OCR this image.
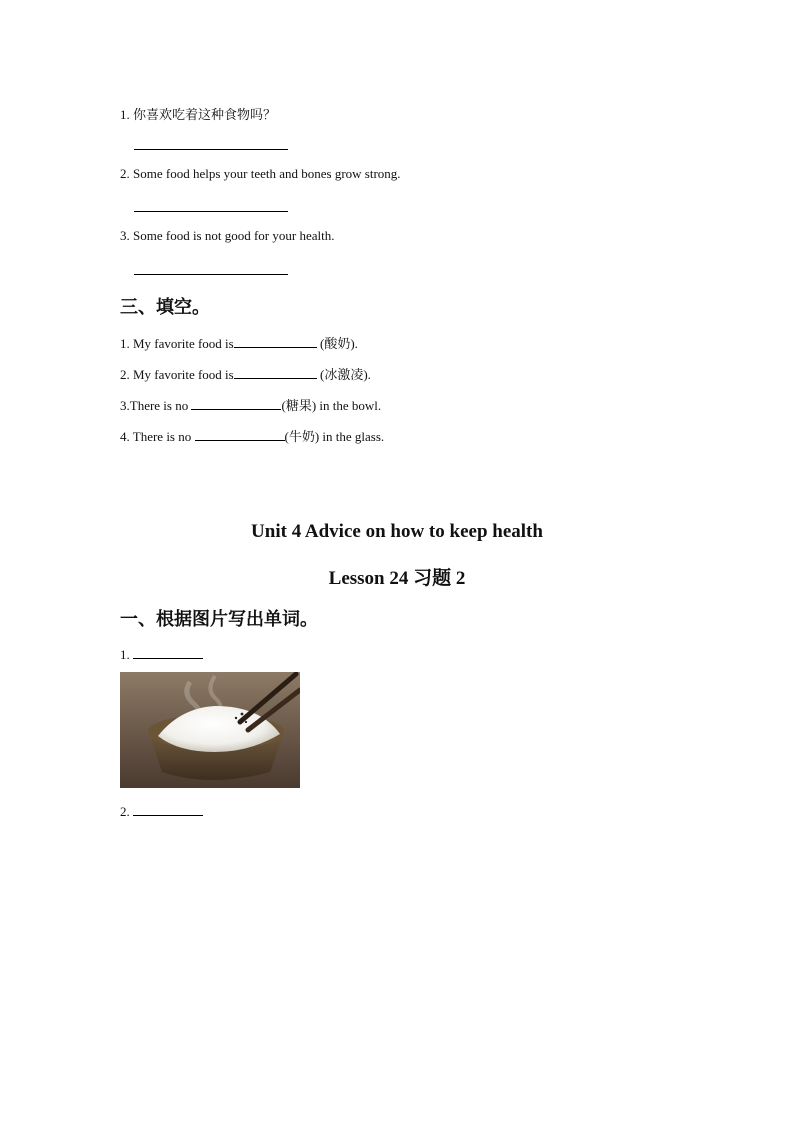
1. 你喜欢吃着这种食物吗？
2. Some food helps your teeth and bones grow strong.
3. Some food is not good for your health.
三、填空。
1. My favorite food is	(酸奶).
2. My favorite food is	(冰激凌).
3.There is no	(糖果) in the bowl.
4. There is no	(牛奶) in the glass.
Unit 4 Advice on how to keep health
Lesson 24 习题 2
一、根据图片写出单词。
1.
2.
